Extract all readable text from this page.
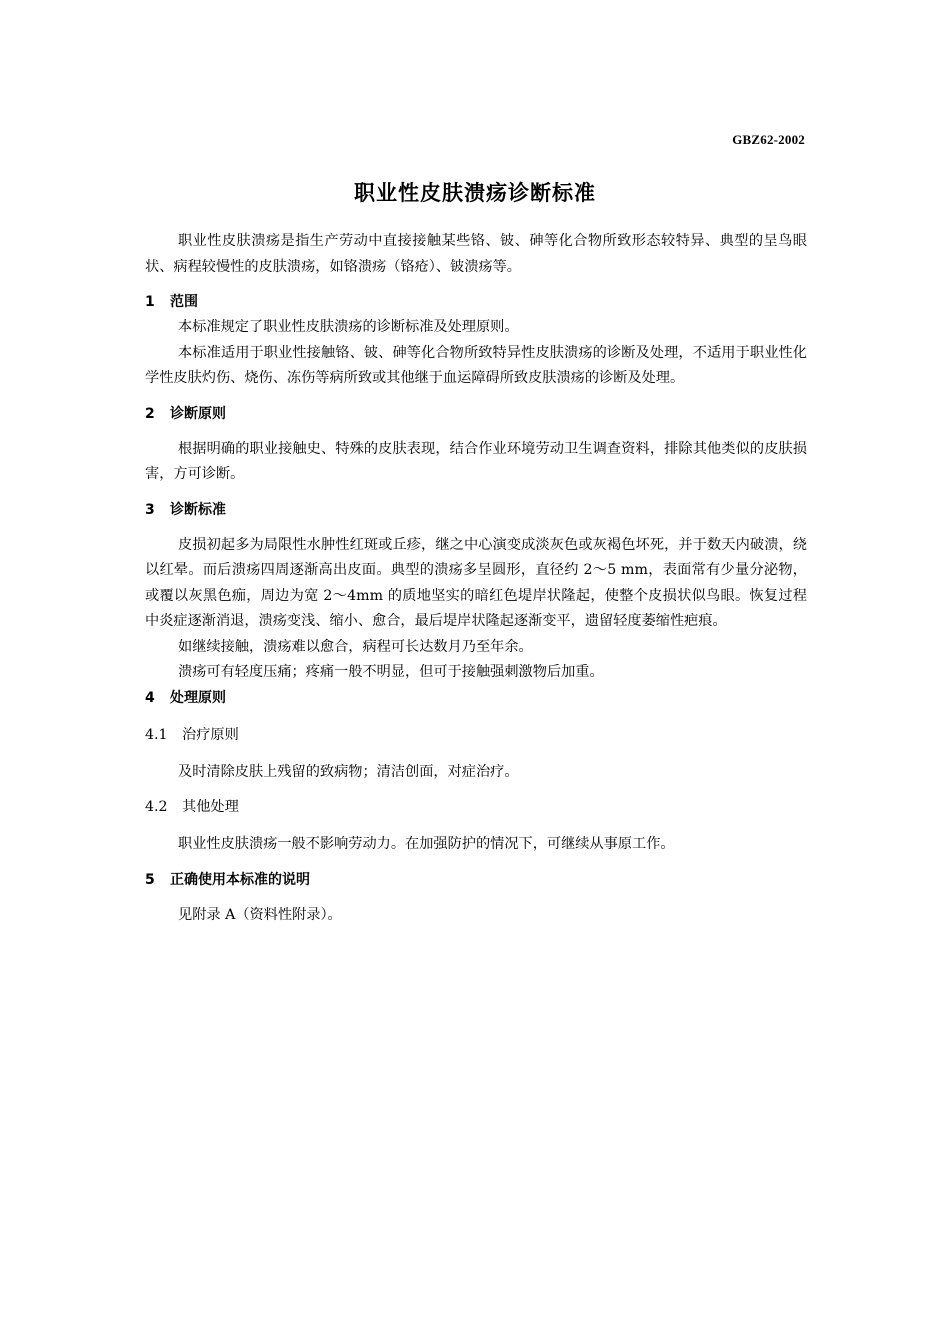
GBZ62-2002
职业性皮肤溃疡诊断标准

职业性皮肤溃疡是指生产劳动中直接接触某些铬、铍、砷等化合物所致形态较特异、典型的呈鸟眼状、病程较慢性的皮肤溃疡，如铬溃疡（铬疮）、铍溃疡等。

1 范围

本标准规定了职业性皮肤溃疡的诊断标准及处理原则。

本标准适用于职业性接触铬、铍、砷等化合物所致特异性皮肤溃疡的诊断及处理，不适用于职业性化学性皮肤灼伤、烧伤、冻伤等病所致或其他继于血运障碍所致皮肤溃疡的诊断及处理。

2 诊断原则

根据明确的职业接触史、特殊的皮肤表现，结合作业环境劳动卫生调查资料，排除其他类似的皮肤损害，方可诊断。

3 诊断标准

皮损初起多为局限性水肿性红斑或丘疹，继之中心演变成淡灰色或灰褐色坏死，并于数天内破溃，绕以红晕。而后溃疡四周逐渐高出皮面。典型的溃疡多呈圆形，直径约 2～5 mm，表面常有少量分泌物，或覆以灰黑色痂，周边为宽 2～4mm 的质地坚实的暗红色堤岸状隆起，使整个皮损状似鸟眼。恢复过程中炎症逐渐消退，溃疡变浅、缩小、愈合，最后堤岸状隆起逐渐变平，遗留轻度萎缩性疤痕。

如继续接触，溃疡难以愈合，病程可长达数月乃至年余。

溃疡可有轻度压痛；疼痛一般不明显，但可于接触强刺激物后加重。

4 处理原则
4.1 治疗原则

及时清除皮肤上残留的致病物；清洁创面，对症治疗。

4.2 其他处理

职业性皮肤溃疡一般不影响劳动力。在加强防护的情况下，可继续从事原工作。

5 正确使用本标准的说明

见附录 A（资料性附录）。
